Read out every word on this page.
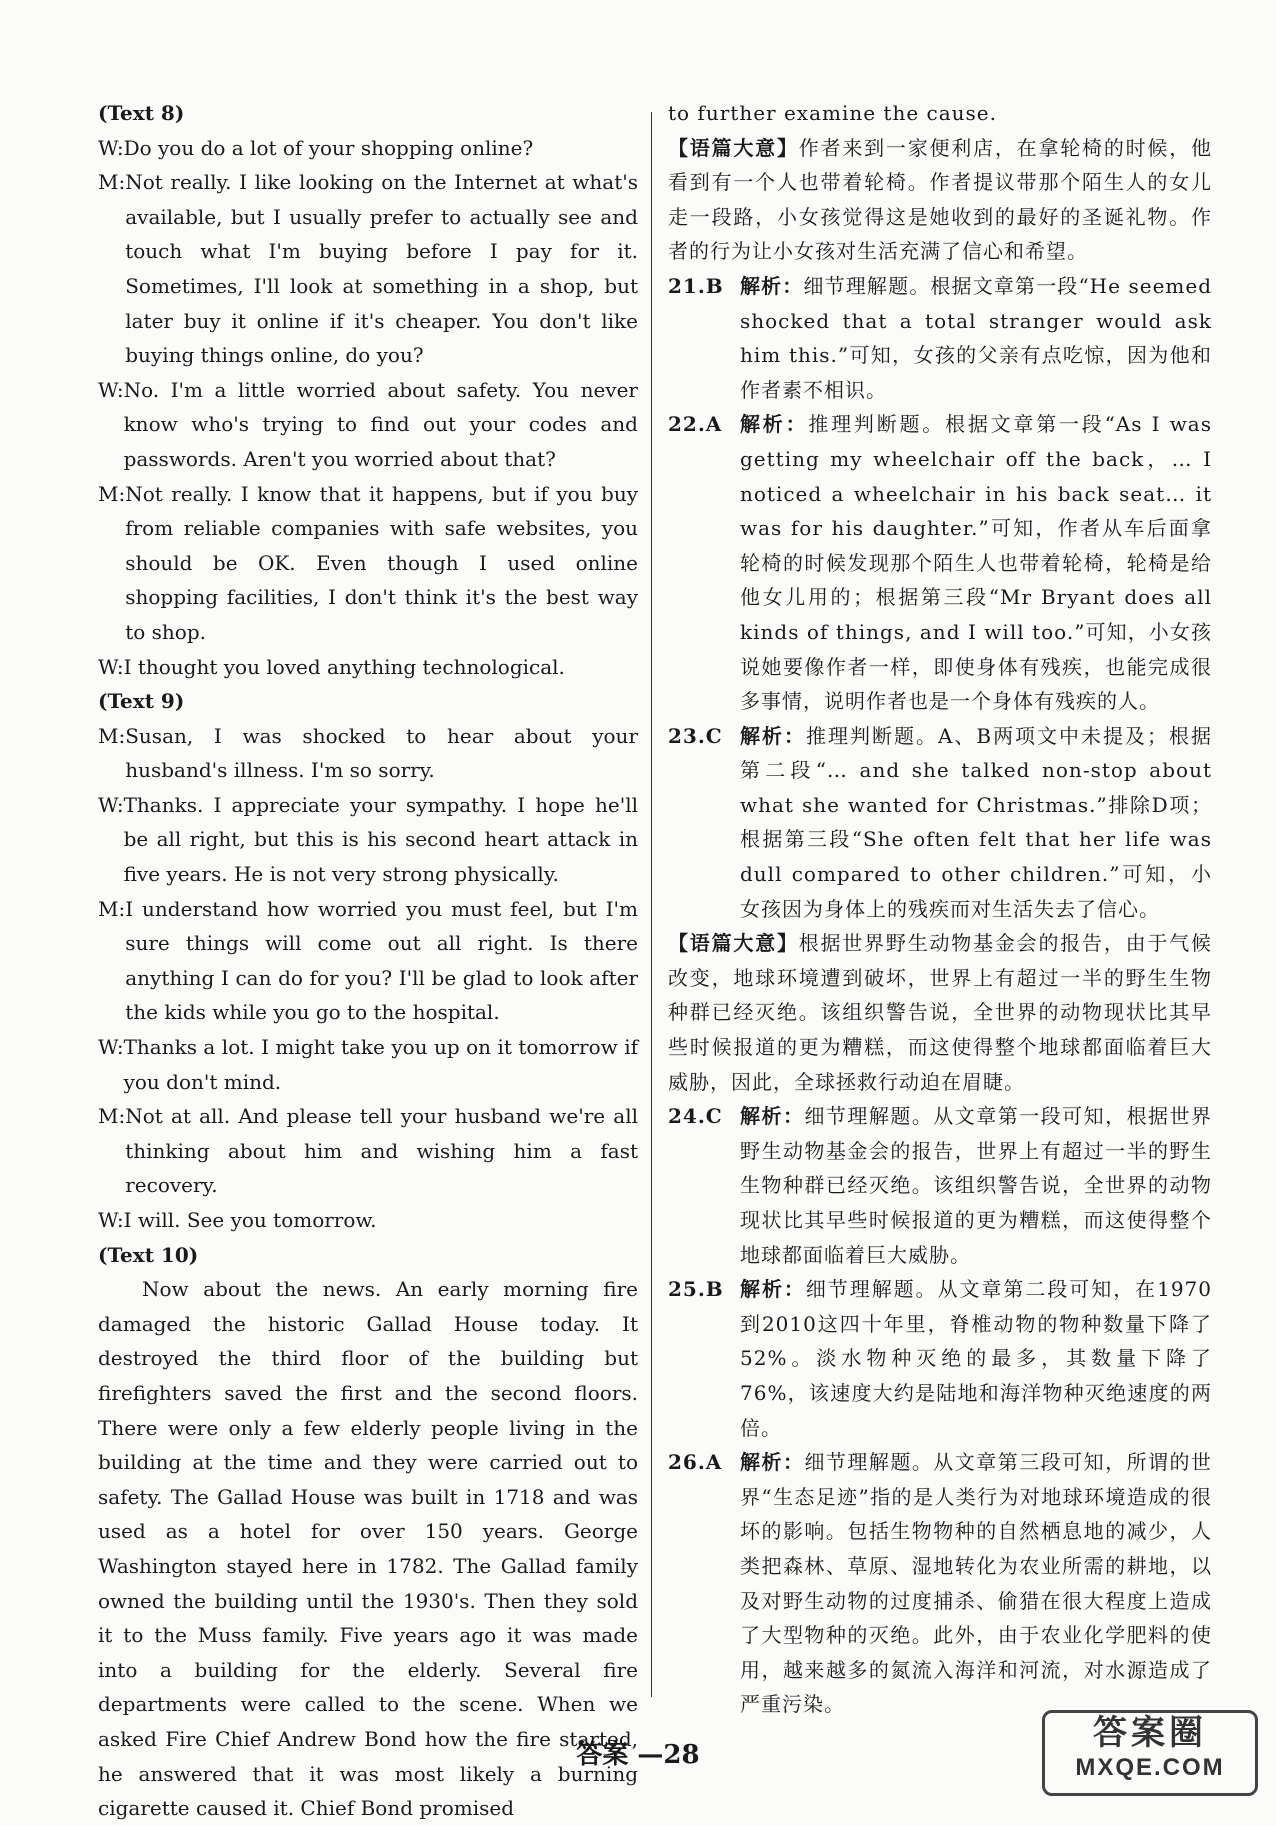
(Text 8)

W: Do you do a lot of your shopping online?
M: Not really. I like looking on the Internet at what's available, but I usually prefer to actually see and touch what I'm buying before I pay for it. Sometimes, I'll look at something in a shop, but later buy it online if it's cheaper. You don't like buying things online, do you?
W: No. I'm a little worried about safety. You never know who's trying to find out your codes and passwords. Aren't you worried about that?
M: Not really. I know that it happens, but if you buy from reliable companies with safe websites, you should be OK. Even though I used online shopping facilities, I don't think it's the best way to shop.
W: I thought you loved anything technological.

(Text 9)

M: Susan, I was shocked to hear about your husband's illness. I'm so sorry.
W: Thanks. I appreciate your sympathy. I hope he'll be all right, but this is his second heart attack in five years. He is not very strong physically.
M: I understand how worried you must feel, but I'm sure things will come out all right. Is there anything I can do for you? I'll be glad to look after the kids while you go to the hospital.
W: Thanks a lot. I might take you up on it tomorrow if you don't mind.
M: Not at all. And please tell your husband we're all thinking about him and wishing him a fast recovery.
W: I will. See you tomorrow.

(Text 10)

Now about the news. An early morning fire damaged the historic Gallad House today. It destroyed the third floor of the building but firefighters saved the first and the second floors. There were only a few elderly people living in the building at the time and they were carried out to safety. The Gallad House was built in 1718 and was used as a hotel for over 150 years. George Washington stayed here in 1782. The Gallad family owned the building until the 1930's. Then they sold it to the Muss family. Five years ago it was made into a building for the elderly. Several fire departments were called to the scene. When we asked Fire Chief Andrew Bond how the fire started, he answered that it was most likely a burning cigarette caused it. Chief Bond promised

to further examine the cause.

【语篇大意】作者来到一家便利店，在拿轮椅的时候，他看到有一个人也带着轮椅。作者提议带那个陌生人的女儿走一段路，小女孩觉得这是她收到的最好的圣诞礼物。作者的行为让小女孩对生活充满了信心和希望。

21.B 解析：细节理解题。根据文章第一段“He seemed shocked that a total stranger would ask him this.”可知，女孩的父亲有点吃惊，因为他和作者素不相识。
22.A 解析：推理判断题。根据文章第一段“As I was getting my wheelchair off the back，… I noticed a wheelchair in his back seat… it was for his daughter.”可知，作者从车后面拿轮椅的时候发现那个陌生人也带着轮椅，轮椅是给他女儿用的；根据第三段“Mr Bryant does all kinds of things, and I will too.”可知，小女孩说她要像作者一样，即使身体有残疾，也能完成很多事情，说明作者也是一个身体有残疾的人。
23.C 解析：推理判断题。A、B两项文中未提及；根据第二段“… and she talked non-stop about what she wanted for Christmas.”排除D项；根据第三段“She often felt that her life was dull compared to other children.”可知，小女孩因为身体上的残疾而对生活失去了信心。

【语篇大意】根据世界野生动物基金会的报告，由于气候改变，地球环境遭到破坏，世界上有超过一半的野生生物种群已经灭绝。该组织警告说，全世界的动物现状比其早些时候报道的更为糟糕，而这使得整个地球都面临着巨大威胁，因此，全球拯救行动迫在眉睫。

24.C 解析：细节理解题。从文章第一段可知，根据世界野生动物基金会的报告，世界上有超过一半的野生生物种群已经灭绝。该组织警告说，全世界的动物现状比其早些时候报道的更为糟糕，而这使得整个地球都面临着巨大威胁。
25.B 解析：细节理解题。从文章第二段可知，在1970到2010这四十年里，脊椎动物的物种数量下降了52%。淡水物种灭绝的最多，其数量下降了76%，该速度大约是陆地和海洋物种灭绝速度的两倍。
26.A 解析：细节理解题。从文章第三段可知，所谓的世界“生态足迹”指的是人类行为对地球环境造成的很坏的影响。包括生物物种的自然栖息地的减少，人类把森林、草原、湿地转化为农业所需的耕地，以及对野生动物的过度捕杀、偷猎在很大程度上造成了大型物种的灭绝。此外，由于农业化学肥料的使用，越来越多的氮流入海洋和河流，对水源造成了严重污染。
答案 —28
答案圈
MXQE.COM
